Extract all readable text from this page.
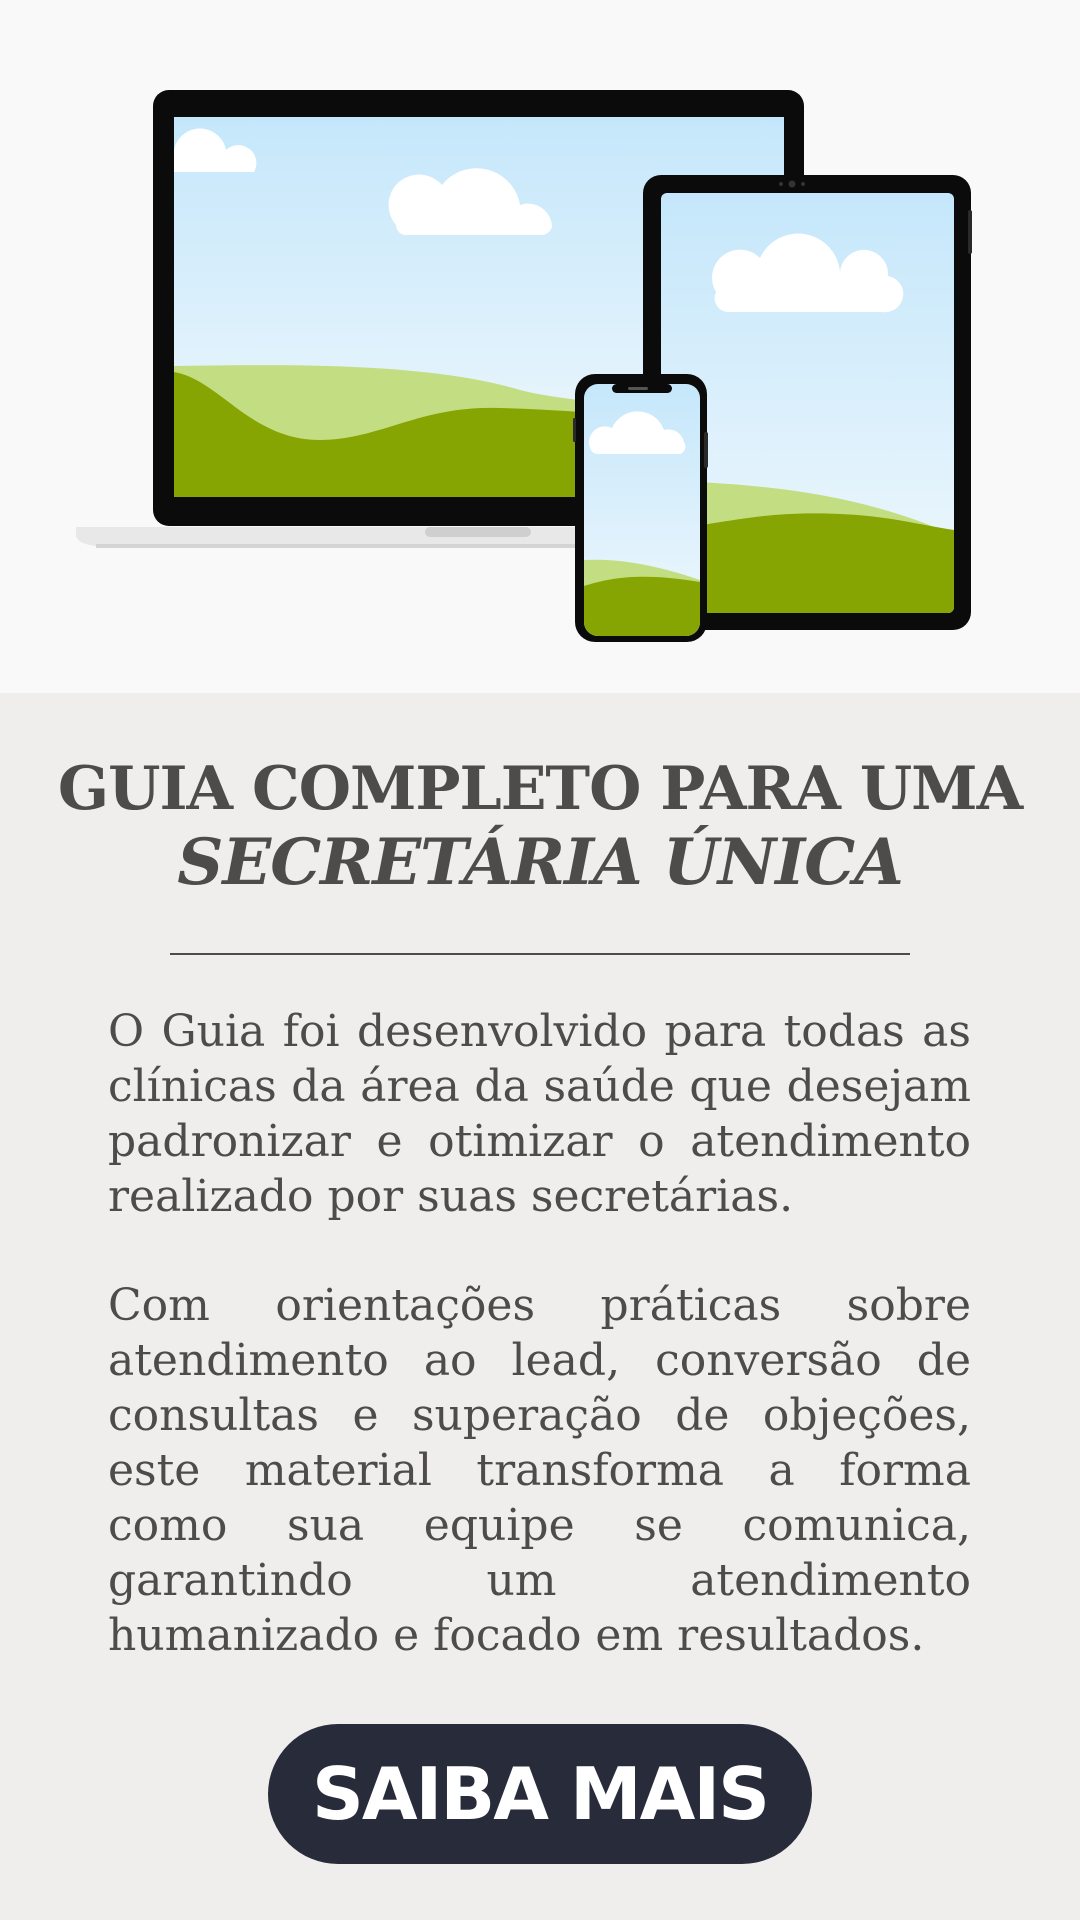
GUIA COMPLETO PARA UMA
SECRETÁRIA ÚNICA

O Guia foi desenvolvido para todas as clínicas da área da saúde que desejam padronizar e otimizar o atendimento realizado por suas secretárias.

Com orientações práticas sobre atendimento ao lead, conversão de consultas e superação de objeções, este material transforma a forma como sua equipe se comunica, garantindo um atendimento humanizado e focado em resultados.

SAIBA MAIS
